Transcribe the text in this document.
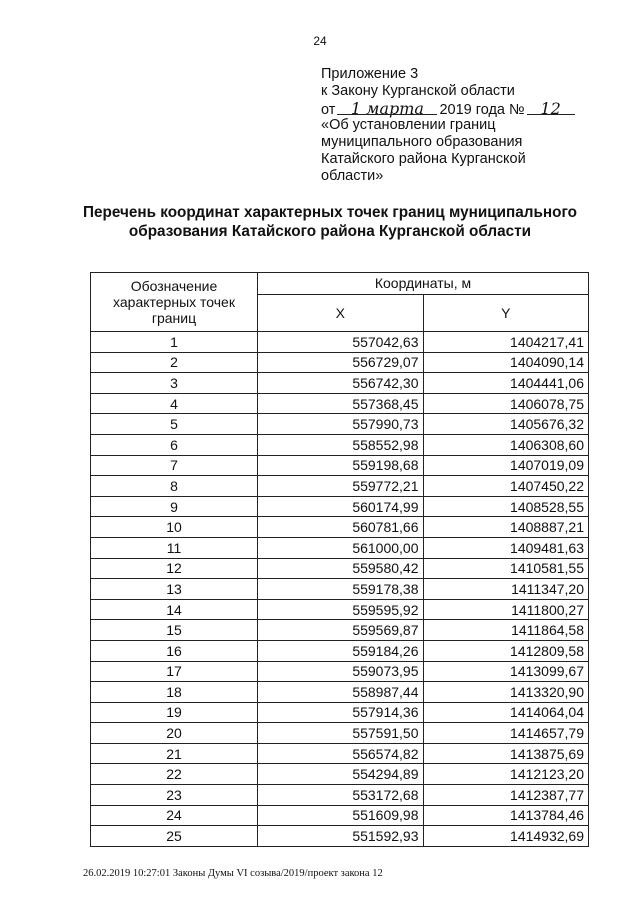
24
Приложение 3
к Закону Курганской области
от 1 марта 2019 года № 12
«Об установлении границ
муниципального образования
Катайского района Курганской
области»
Перечень координат характерных точек границ муниципального
образования Катайского района Курганской области
Обозначение характерных точек границ	Координаты, м	
	X	Y
1	557042,63	1404217,41
2	556729,07	1404090,14
3	556742,30	1404441,06
4	557368,45	1406078,75
5	557990,73	1405676,32
6	558552,98	1406308,60
7	559198,68	1407019,09
8	559772,21	1407450,22
9	560174,99	1408528,55
10	560781,66	1408887,21
11	561000,00	1409481,63
12	559580,42	1410581,55
13	559178,38	1411347,20
14	559595,92	1411800,27
15	559569,87	1411864,58
16	559184,26	1412809,58
17	559073,95	1413099,67
18	558987,44	1413320,90
19	557914,36	1414064,04
20	557591,50	1414657,79
21	556574,82	1413875,69
22	554294,89	1412123,20
23	553172,68	1412387,77
24	551609,98	1413784,46
25	551592,93	1414932,69
26.02.2019 10:27:01 Законы Думы VI созыва/2019/проект закона 12
